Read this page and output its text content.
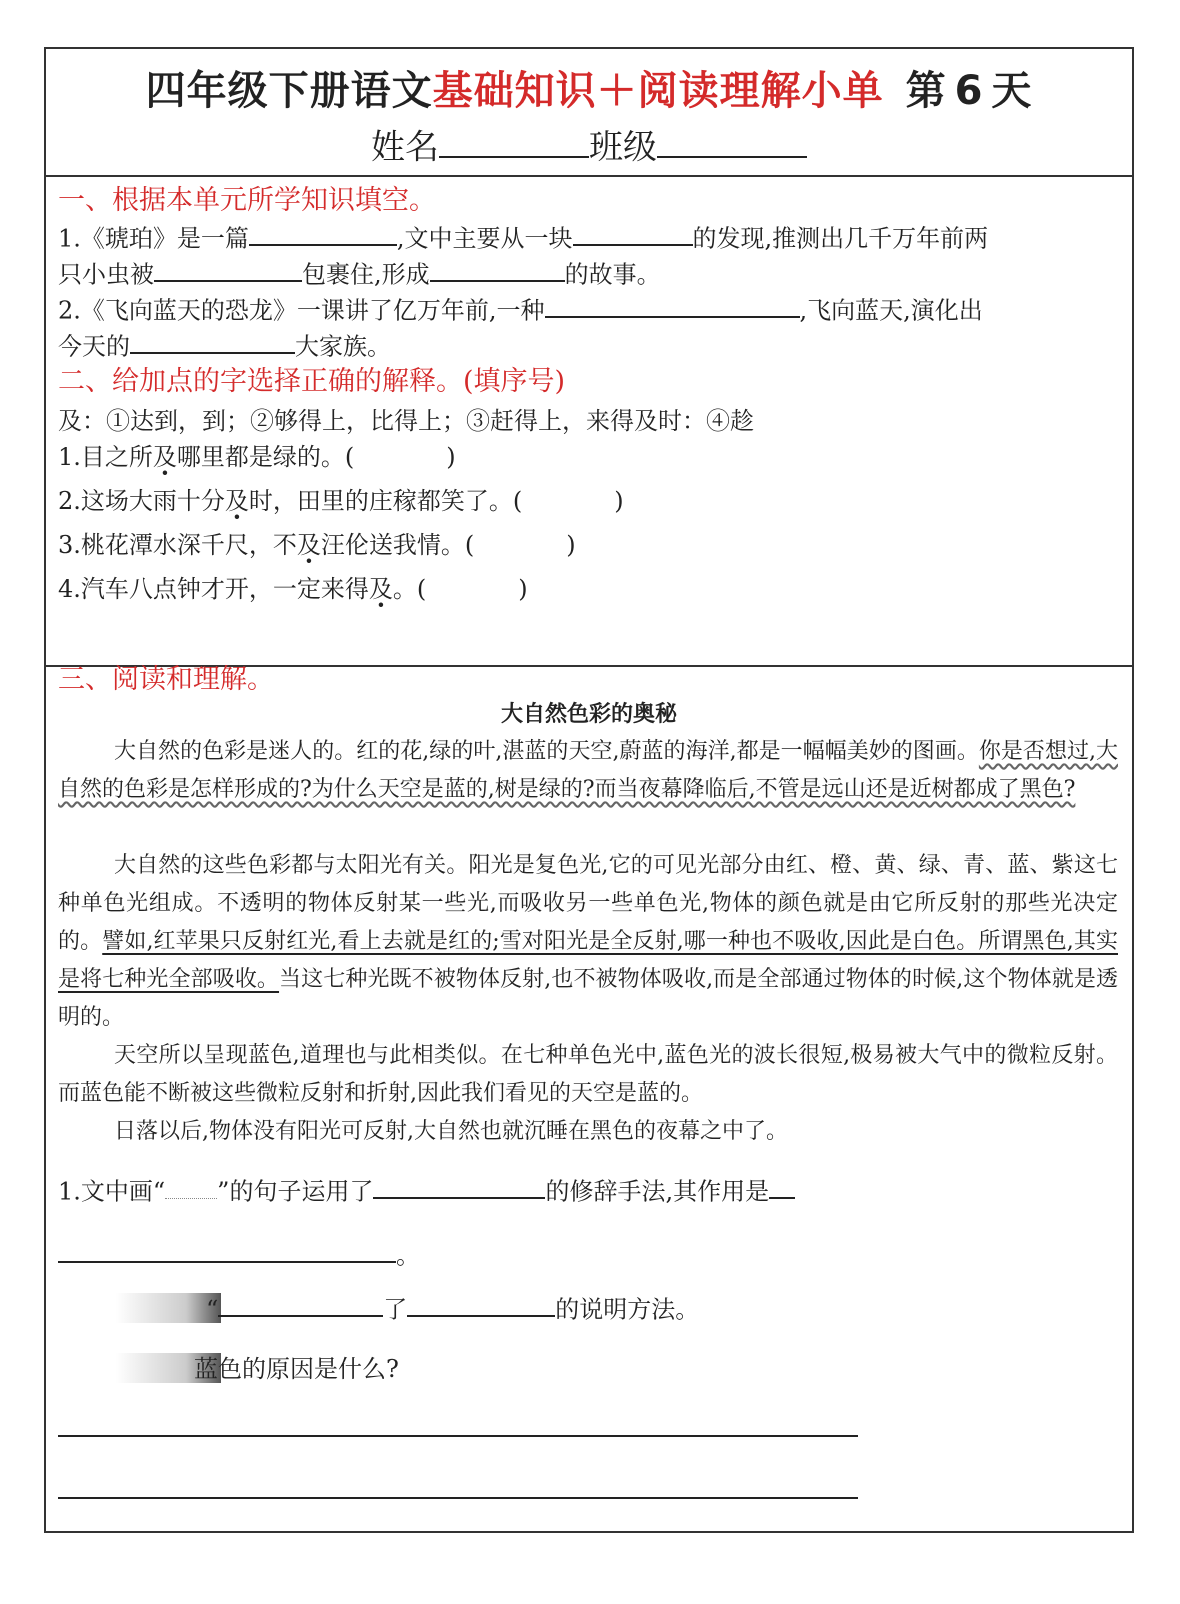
四年级下册语文基础知识＋阅读理解小单 第 6 天
姓名	班级
一、根据本单元所学知识填空。
1.《琥珀》是一篇	,文中主要从一块	的发现,推测出几千万年前两
只小虫被	包裹住,形成	的故事。
2.《飞向蓝天的恐龙》一课讲了亿万年前,一种	,飞向蓝天,演化出
今天的	大家族。
二、给加点的字选择正确的解释。(填序号)
及：①达到，到；②够得上，比得上；③赶得上，来得及时：④趁
1.目之所及哪里都是绿的。(	)
2.这场大雨十分及时，田里的庄稼都笑了。(	)
3.桃花潭水深千尺，不及汪伦送我情。(	)
4.汽车八点钟才开，一定来得及。(	)
三、阅读和理解。
大自然色彩的奥秘
大自然的色彩是迷人的。红的花,绿的叶,湛蓝的天空,蔚蓝的海洋,都是一幅幅美妙的图画。你是否想过,大自然的色彩是怎样形成的?为什么天空是蓝的,树是绿的?而当夜幕降临后,不管是远山还是近树都成了黑色?
大自然的这些色彩都与太阳光有关。阳光是复色光,它的可见光部分由红、橙、黄、绿、青、蓝、紫这七种单色光组成。不透明的物体反射某一些光,而吸收另一些单色光,物体的颜色就是由它所反射的那些光决定的。譬如,红苹果只反射红光,看上去就是红的;雪对阳光是全反射,哪一种也不吸收,因此是白色。所谓黑色,其实是将七种光全部吸收。当这七种光既不被物体反射,也不被物体吸收,而是全部通过物体的时候,这个物体就是透明的。
天空所以呈现蓝色,道理也与此相类似。在七种单色光中,蓝色光的波长很短,极易被大气中的微粒反射。而蓝色能不断被这些微粒反射和折射,因此我们看见的天空是蓝的。
日落以后,物体没有阳光可反射,大自然也就沉睡在黑色的夜幕之中了。
1.文中画“ ”的句子运用了	的修辞手法,其作用是
。
“	了	的说明方法。
蓝色的原因是什么?
